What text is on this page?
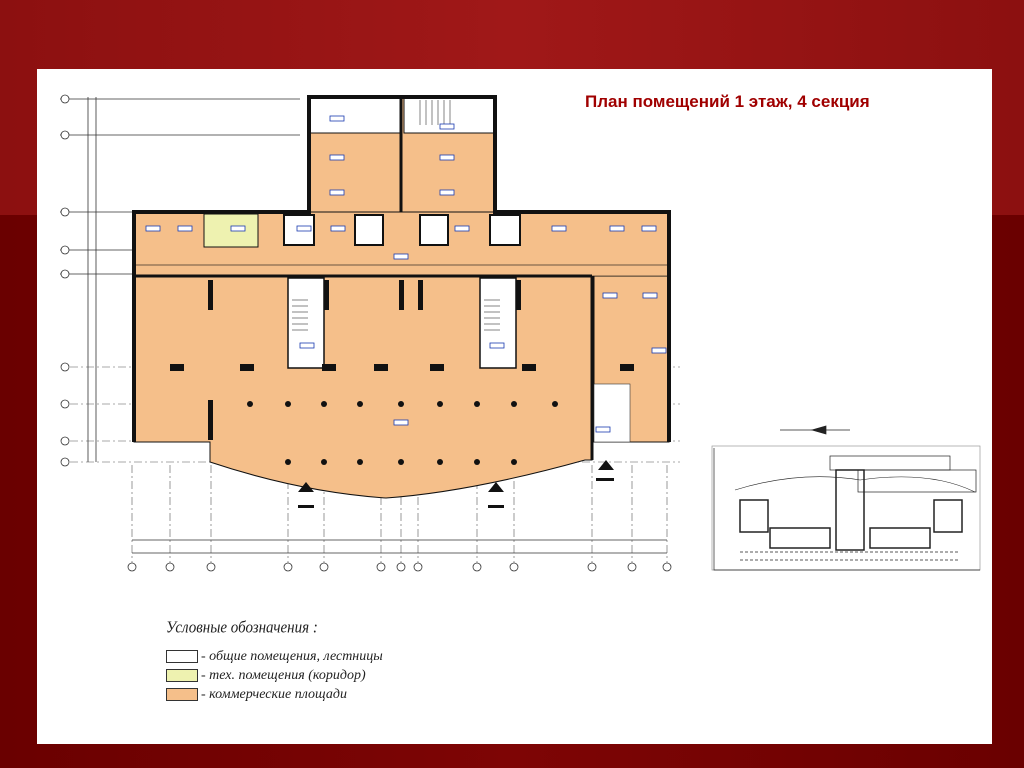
План помещений 1 этаж, 4 секция
Условные обозначения :
- общие помещения, лестницы
- тех. помещения (коридор)
- коммерческие площади
